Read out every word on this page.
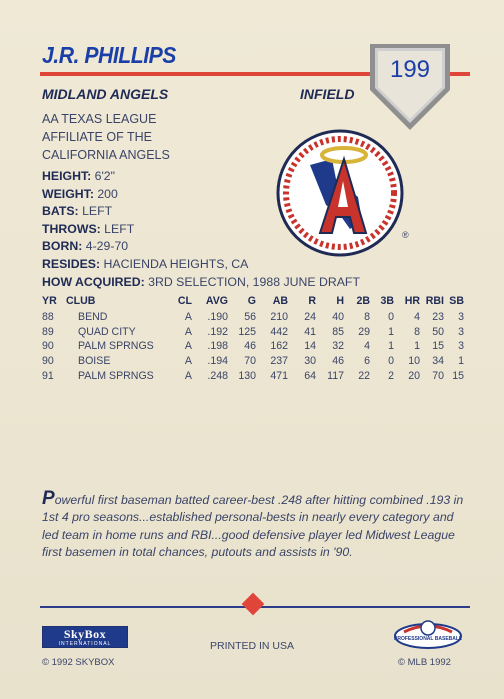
J.R. PHILLIPS
199
MIDLAND ANGELS	INFIELD
AA TEXAS LEAGUE
AFFILIATE OF THE
CALIFORNIA ANGELS
®
HEIGHT: 6'2"
WEIGHT: 200
BATS: LEFT
THROWS: LEFT
BORN: 4-29-70
RESIDES: HACIENDA HEIGHTS, CA
HOW ACQUIRED: 3RD SELECTION, 1988 JUNE DRAFT
YR	CLUB	CL	AVG	G	AB	R	H	2B	3B	HR	RBI	SB
88	BEND	A	.190	56	210	24	40	8	0	4	23	3
89	QUAD CITY	A	.192	125	442	41	85	29	1	8	50	3
90	PALM SPRNGS	A	.198	46	162	14	32	4	1	1	15	3
90	BOISE	A	.194	70	237	30	46	6	0	10	34	1
91	PALM SPRNGS	A	.248	130	471	64	117	22	2	20	70	15
Powerful first baseman batted career-best .248 after hitting combined .193 in 1st 4 pro seasons...established personal-bests in nearly every category and led team in home runs and RBI...good defensive player led Midwest League first basemen in total chances, putouts and assists in '90.
SkyBox
INTERNATIONAL
© 1992 SKYBOX
PRINTED IN USA
PROFESSIONAL BASEBALL
© MLB 1992
